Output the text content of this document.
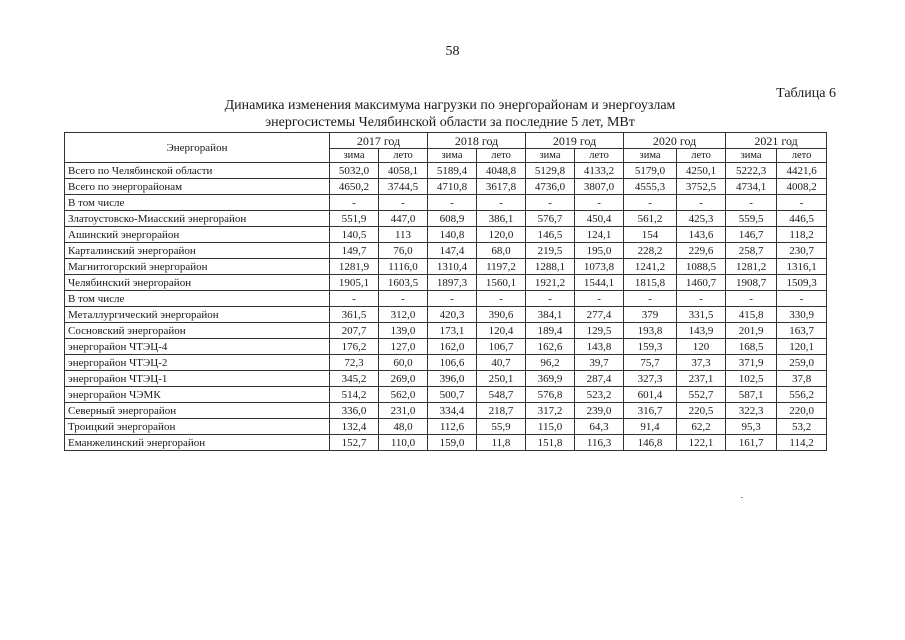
58
Таблица 6
Динамика изменения максимума нагрузки по энергорайонам и энергоузлам
энергосистемы Челябинской области за последние 5 лет, МВт
Энергорайон	2017 год		2018 год		2019 год		2020 год		2021 год	
	зима	лето	зима	лето	зима	лето	зима	лето	зима	лето
Всего по Челябинской области	5032,0	4058,1	5189,4	4048,8	5129,8	4133,2	5179,0	4250,1	5222,3	4421,6
Всего по энергорайонам	4650,2	3744,5	4710,8	3617,8	4736,0	3807,0	4555,3	3752,5	4734,1	4008,2
В том числе	-	-	-	-	-	-	-	-	-	-
Златоустовско-Миасский энергорайон	551,9	447,0	608,9	386,1	576,7	450,4	561,2	425,3	559,5	446,5
Ашинский энергорайон	140,5	113	140,8	120,0	146,5	124,1	154	143,6	146,7	118,2
Карталинский энергорайон	149,7	76,0	147,4	68,0	219,5	195,0	228,2	229,6	258,7	230,7
Магнитогорский энергорайон	1281,9	1116,0	1310,4	1197,2	1288,1	1073,8	1241,2	1088,5	1281,2	1316,1
Челябинский энергорайон	1905,1	1603,5	1897,3	1560,1	1921,2	1544,1	1815,8	1460,7	1908,7	1509,3
В том числе	-	-	-	-	-	-	-	-	-	-
Металлургический энергорайон	361,5	312,0	420,3	390,6	384,1	277,4	379	331,5	415,8	330,9
Сосновский энергорайон	207,7	139,0	173,1	120,4	189,4	129,5	193,8	143,9	201,9	163,7
энергорайон ЧТЭЦ-4	176,2	127,0	162,0	106,7	162,6	143,8	159,3	120	168,5	120,1
энергорайон ЧТЭЦ-2	72,3	60,0	106,6	40,7	96,2	39,7	75,7	37,3	371,9	259,0
энергорайон ЧТЭЦ-1	345,2	269,0	396,0	250,1	369,9	287,4	327,3	237,1	102,5	37,8
энергорайон ЧЭМК	514,2	562,0	500,7	548,7	576,8	523,2	601,4	552,7	587,1	556,2
Северный энергорайон	336,0	231,0	334,4	218,7	317,2	239,0	316,7	220,5	322,3	220,0
Троицкий энергорайон	132,4	48,0	112,6	55,9	115,0	64,3	91,4	62,2	95,3	53,2
Еманжелинский энергорайон	152,7	110,0	159,0	11,8	151,8	116,3	146,8	122,1	161,7	114,2
